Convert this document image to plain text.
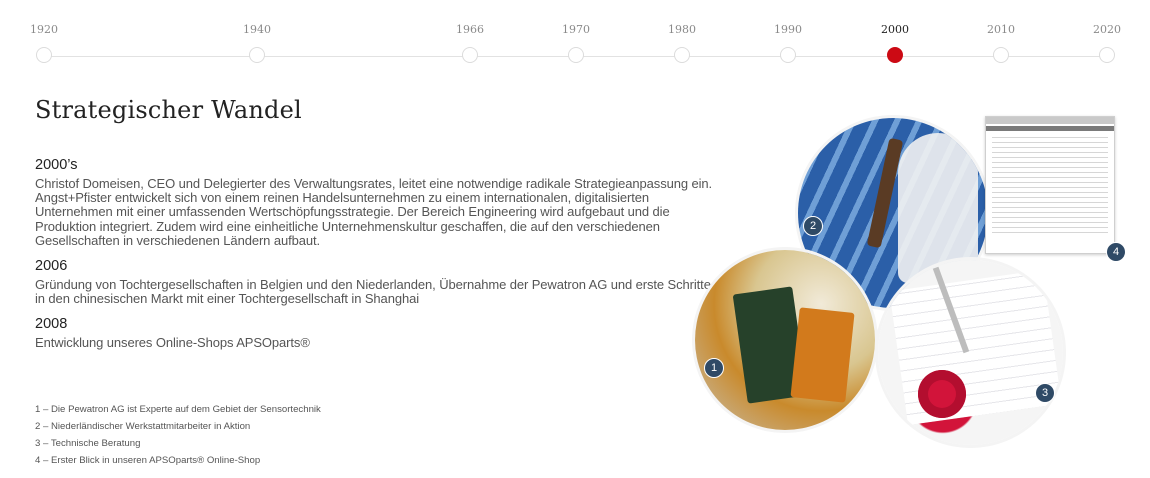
1920	1940	1966	1970	1980	1990	2000	2010	2020
Strategischer Wandel

2000’s

Christof Domeisen, CEO und Delegierter des Verwaltungsrates, leitet eine notwendige radikale Strategieanpassung ein. Angst+Pfister entwickelt sich von einem reinen Handelsunternehmen zu einem internationalen, digitalisierten Unternehmen mit einer umfassenden Wertschöpfungsstrategie. Der Bereich Engineering wird aufgebaut und die Produktion integriert. Zudem wird eine einheitliche Unternehmenskultur geschaffen, die auf den verschiedenen Gesellschaften in verschiedenen Ländern aufbaut.

2006

Gründung von Tochtergesellschaften in Belgien und den Niederlanden, Übernahme der Pewatron AG und erste Schritte in den chinesischen Markt mit einer Tochtergesellschaft in Shanghai

2008

Entwicklung unseres Online-Shops APSOparts®

1 – Die Pewatron AG ist Experte auf dem Gebiet der Sensortechnik

2 – Niederländischer Werkstattmitarbeiter in Aktion

3 – Technische Beratung

4 – Erster Blick in unseren APSOparts® Online-Shop

1
2
3
4
